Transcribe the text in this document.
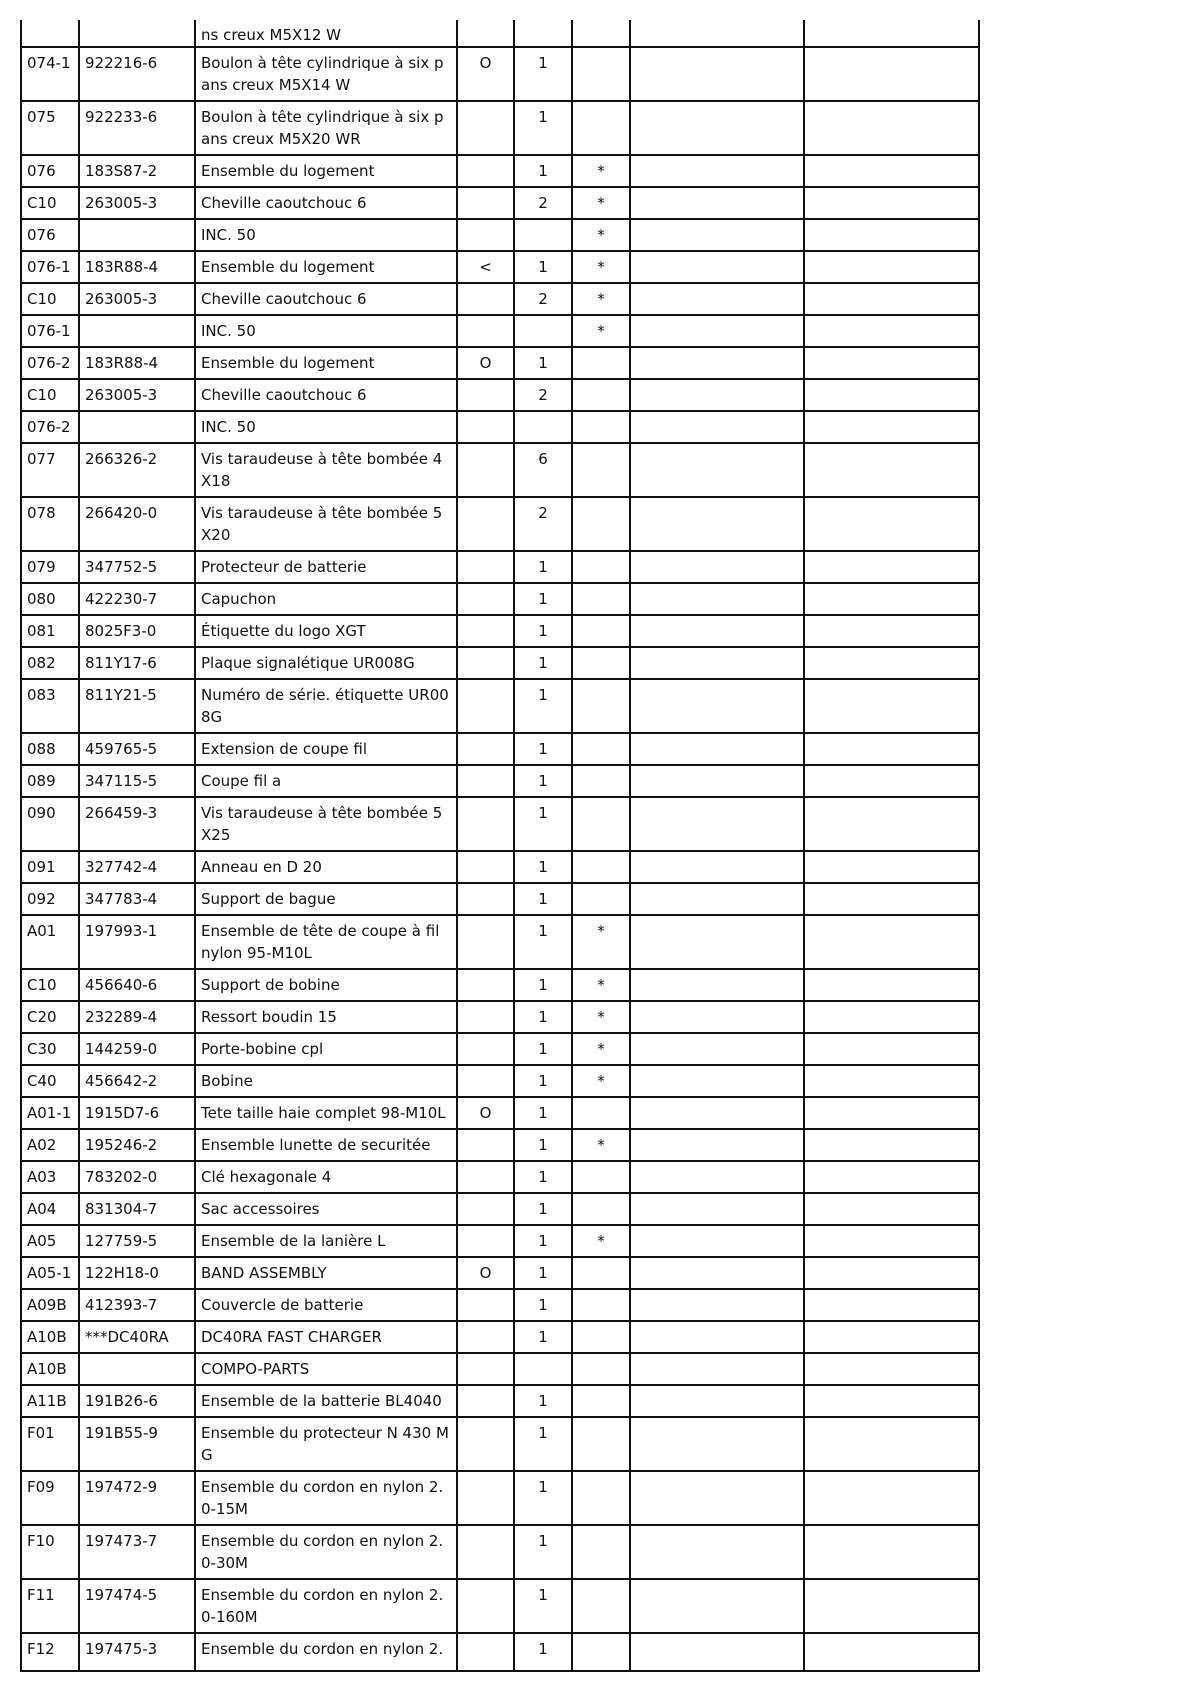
		ns creux M5X12 W					
074-1	922216-6	Boulon à tête cylindrique à six pans creux M5X14 W	O	1			
075	922233-6	Boulon à tête cylindrique à six pans creux M5X20 WR		1			
076	183S87-2	Ensemble du logement		1	*		
C10	263005-3	Cheville caoutchouc 6		2	*		
076		INC. 50			*		
076-1	183R88-4	Ensemble du logement	<	1	*		
C10	263005-3	Cheville caoutchouc 6		2	*		
076-1		INC. 50			*		
076-2	183R88-4	Ensemble du logement	O	1			
C10	263005-3	Cheville caoutchouc 6		2			
076-2		INC. 50					
077	266326-2	Vis taraudeuse à tête bombée 4X18		6			
078	266420-0	Vis taraudeuse à tête bombée 5X20		2			
079	347752-5	Protecteur de batterie		1			
080	422230-7	Capuchon		1			
081	8025F3-0	Étiquette du logo XGT		1			
082	811Y17-6	Plaque signalétique UR008G		1			
083	811Y21-5	Numéro de série. étiquette UR008G		1			
088	459765-5	Extension de coupe fil		1			
089	347115-5	Coupe fil a		1			
090	266459-3	Vis taraudeuse à tête bombée 5X25		1			
091	327742-4	Anneau en D 20		1			
092	347783-4	Support de bague		1			
A01	197993-1	Ensemble de tête de coupe à fil nylon 95-M10L		1	*		
C10	456640-6	Support de bobine		1	*		
C20	232289-4	Ressort boudin 15		1	*		
C30	144259-0	Porte-bobine cpl		1	*		
C40	456642-2	Bobine		1	*		
A01-1	1915D7-6	Tete taille haie complet 98-M10L	O	1			
A02	195246-2	Ensemble lunette de securitée		1	*		
A03	783202-0	Clé hexagonale 4		1			
A04	831304-7	Sac accessoires		1			
A05	127759-5	Ensemble de la lanière L		1	*		
A05-1	122H18-0	BAND ASSEMBLY	O	1			
A09B	412393-7	Couvercle de batterie		1			
A10B	***DC40RA	DC40RA FAST CHARGER		1			
A10B		COMPO-PARTS					
A11B	191B26-6	Ensemble de la batterie BL4040		1			
F01	191B55-9	Ensemble du protecteur N 430 MG		1			
F09	197472-9	Ensemble du cordon en nylon 2.0-15M		1			
F10	197473-7	Ensemble du cordon en nylon 2.0-30M		1			
F11	197474-5	Ensemble du cordon en nylon 2.0-160M		1			
F12	197475-3	Ensemble du cordon en nylon 2.		1			
